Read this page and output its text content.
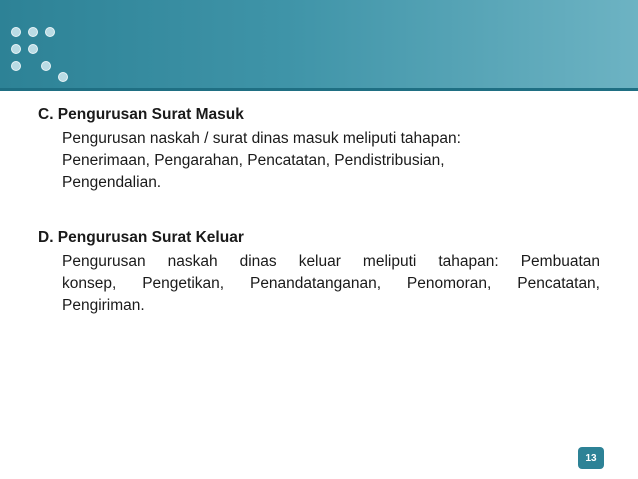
C. Pengurusan Surat Masuk

Pengurusan naskah / surat dinas masuk meliputi tahapan:
Penerimaan, Pengarahan, Pencatatan, Pendistribusian,
Pengendalian.

D. Pengurusan Surat Keluar

Pengurusan naskah dinas keluar meliputi tahapan: Pembuatan
konsep, Pengetikan, Penandatanganan, Penomoran, Pencatatan,
Pengiriman.

13
